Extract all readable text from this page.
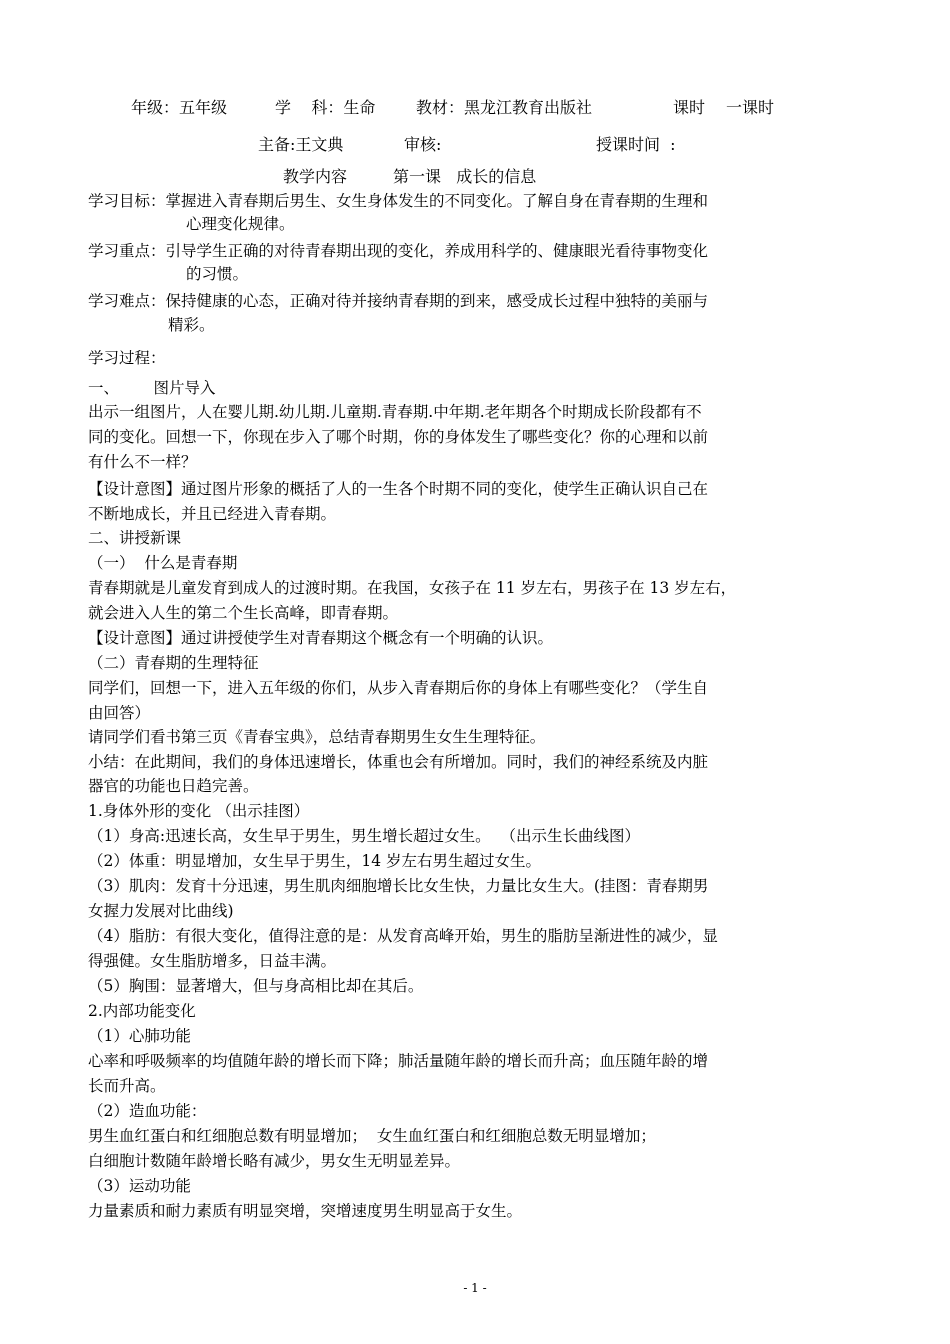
年级：五年级	学    科：生命	教材：黑龙江教育出版社	课时 一课时
主备:王文典	审核:	授课时间  :
教学内容	第一课   成长的信息
学习目标：掌握进入青春期后男生、女生身体发生的不同变化。了解自身在青春期的生理和
心理变化规律。
学习重点：引导学生正确的对待青春期出现的变化，养成用科学的、健康眼光看待事物变化
的习惯。
学习难点：保持健康的心态，正确对待并接纳青春期的到来，感受成长过程中独特的美丽与
精彩。
学习过程：
一、       图片导入
出示一组图片，人在婴儿期.幼儿期.儿童期.青春期.中年期.老年期各个时期成长阶段都有不
同的变化。回想一下，你现在步入了哪个时期，你的身体发生了哪些变化？你的心理和以前
有什么不一样？
【设计意图】通过图片形象的概括了人的一生各个时期不同的变化，使学生正确认识自己在
不断地成长，并且已经进入青春期。
二、讲授新课
（一）  什么是青春期
青春期就是儿童发育到成人的过渡时期。在我国，女孩子在 11 岁左右，男孩子在 13 岁左右，
就会进入人生的第二个生长高峰，即青春期。
【设计意图】通过讲授使学生对青春期这个概念有一个明确的认识。
（二）青春期的生理特征
同学们，回想一下，进入五年级的你们，从步入青春期后你的身体上有哪些变化？（学生自
由回答）
请同学们看书第三页《青春宝典》，总结青春期男生女生生理特征。
小结：在此期间，我们的身体迅速增长，体重也会有所增加。同时，我们的神经系统及内脏
器官的功能也日趋完善。
1.身体外形的变化 （出示挂图）
（1）身高:迅速长高，女生早于男生，男生增长超过女生。  （出示生长曲线图）
（2）体重：明显增加，女生早于男生，14 岁左右男生超过女生。
（3）肌肉：发育十分迅速，男生肌肉细胞增长比女生快，力量比女生大。(挂图：青春期男
女握力发展对比曲线)
（4）脂肪：有很大变化，值得注意的是：从发育高峰开始，男生的脂肪呈渐进性的减少，显
得强健。女生脂肪增多，日益丰满。
（5）胸围：显著增大，但与身高相比却在其后。
2.内部功能变化
（1）心肺功能
心率和呼吸频率的均值随年龄的增长而下降；肺活量随年龄的增长而升高；血压随年龄的增
长而升高。
（2）造血功能：
男生血红蛋白和红细胞总数有明显增加；  女生血红蛋白和红细胞总数无明显增加；
白细胞计数随年龄增长略有减少，男女生无明显差异。
（3）运动功能
力量素质和耐力素质有明显突增，突增速度男生明显高于女生。
- 1 -
